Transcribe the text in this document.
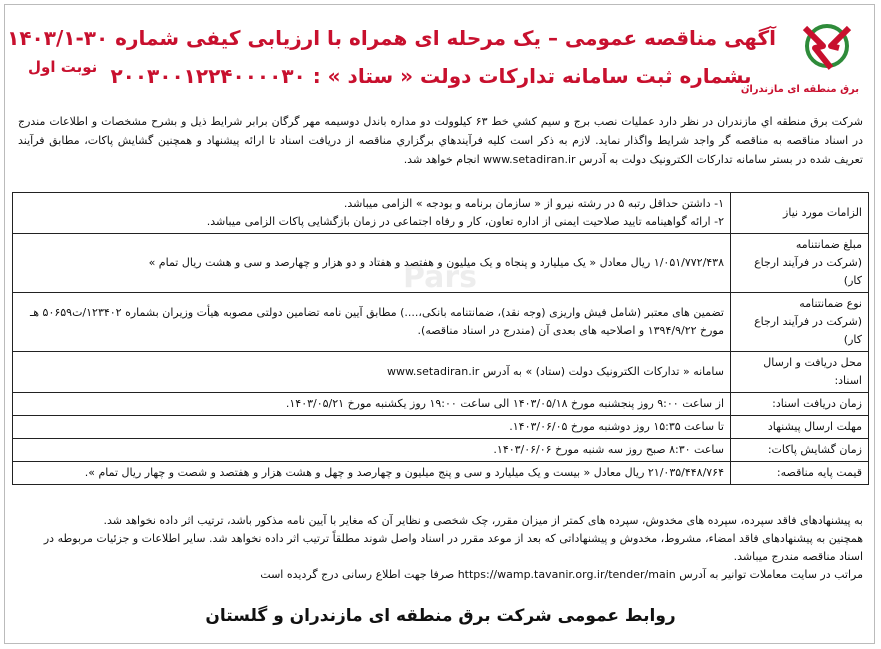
برق منطقه ای مازندران
آگهی مناقصه عمومی – یک مرحله ای همراه با ارزیابی کیفی شماره ۳۰-۱۴۰۳/۱
بشماره ثبت سامانه تدارکات دولت « ستاد » : ۲۰۰۳۰۰۱۲۲۴۰۰۰۰۳۰
نوبت اول
Pars
شرکت برق منطقه اي مازندران در نظر دارد عمليات نصب برج و سيم کشي خط ۶۳ کيلوولت دو مداره باندل دوسيمه مهر گرگان برابر شرايط ذيل و بشرح مشخصات و اطلاعات مندرج در اسناد مناقصه به مناقصه گر واجد شرايط واگذار نمايد. لازم به ذکر است کليه فرآيندهاي برگزاري مناقصه از دريافت اسناد تا ارائه پيشنهاد و همچنين گشايش پاکات، مطابق فرآيند تعريف شده در بستر سامانه تدارکات الکترونيک دولت به آدرس www.setadiran.ir انجام خواهد شد.
الزامات مورد نیاز	۱- داشتن حداقل رتبه ۵ در رشته نیرو از « سازمان برنامه و بودجه » الزامی میباشد.
۲- ارائه گواهینامه تایید صلاحیت ایمنی از اداره تعاون، کار و رفاه اجتماعی در زمان بازگشایی پاکات الزامی میباشد.
مبلغ ضمانتنامه
(شرکت در فرآیند ارجاع کار)	۱/۰۵۱/۷۷۲/۴۳۸ ریال معادل « یک میلیارد و پنجاه و یک میلیون و هفتصد و هفتاد و دو هزار و چهارصد و سی و هشت ریال تمام »
نوع ضمانتنامه
(شرکت در فرآیند ارجاع کار)	تضمین های معتبر (شامل فیش واریزی (وجه نقد)، ضمانتنامه بانکی،....) مطابق آیین نامه تضامین دولتی مصوبه هیأت وزیران بشماره ۱۲۳۴۰۲/ت۵۰۶۵۹ هـ مورخ ۱۳۹۴/۹/۲۲ و اصلاحیه های بعدی آن (مندرج در اسناد مناقصه).
محل دریافت و ارسال اسناد:	سامانه « تدارکات الکترونیک دولت (ستاد) » به آدرس www.setadiran.ir
زمان دریافت اسناد:	از ساعت ۹:۰۰ روز پنجشنبه مورخ ۱۴۰۳/۰۵/۱۸ الی ساعت ۱۹:۰۰ روز یکشنبه مورخ ۱۴۰۳/۰۵/۲۱.
مهلت ارسال پیشنهاد	تا ساعت ۱۵:۳۵ روز دوشنبه مورخ ۱۴۰۳/۰۶/۰۵.
زمان گشایش پاکات:	ساعت ۸:۳۰ صبح روز سه شنبه مورخ ۱۴۰۳/۰۶/۰۶.
قیمت پایه مناقصه:	۲۱/۰۳۵/۴۴۸/۷۶۴ ریال معادل « بیست و یک میلیارد و سی و پنج میلیون و چهارصد و چهل و هشت هزار و هفتصد و شصت و چهار ریال تمام ».

به پیشنهادهای فاقد سپرده، سپرده های مخدوش، سپرده های کمتر از میزان مقرر، چک شخصی و نظایر آن که مغایر با آیین نامه مذکور باشد، ترتیب اثر داده نخواهد شد.

همچنین به پیشنهادهای فاقد امضاء، مشروط، مخدوش و پیشنهاداتی که بعد از موعد مقرر در اسناد واصل شوند مطلقاً ترتیب اثر داده نخواهد شد. سایر اطلاعات و جزئیات مربوطه در اسناد مناقصه مندرج میباشد.

مراتب در سایت معاملات توانیر به آدرس https://wamp.tavanir.org.ir/tender/main صرفا جهت اطلاع رسانی درج گردیده است

روابط عمومی شرکت برق منطقه ای مازندران و گلستان
